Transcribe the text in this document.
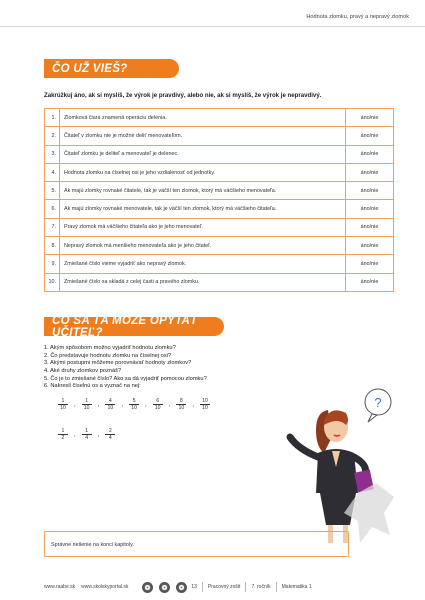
Hodnota zlomku, pravý a nepravý zlomok
ČO UŽ VIEŠ?
Zakrúžkuj áno, ak si myslíš, že výrok je pravdivý, alebo nie, ak si myslíš, že výrok je nepravdivý.
1.	Zlomková čiara znamená operáciu delenia.	áno/nie
2.	Čitateľ v zlomku nie je možné deliť menovateľom.	áno/nie
3.	Čitateľ zlomku je deliteľ a menovateľ je delenec.	áno/nie
4.	Hodnota zlomku na číselnej osi je jeho vzdialenosť od jednotky.	áno/nie
5.	Ak majú zlomky rovnaké čitatele, tak je väčší ten zlomok, ktorý má väčšieho menovateľa.	áno/nie
6.	Ak majú zlomky rovnaké menovatele, tak je väčší ten zlomok, ktorý má väčšieho čitateľa.	áno/nie
7.	Pravý zlomok má väčšieho čitateľa ako je jeho menovateľ.	áno/nie
8.	Nepravý zlomok má menšieho menovateľa ako je jeho čitateľ.	áno/nie
9.	Zmiešané číslo vieme vyjadriť ako nepravý zlomok.	áno/nie
10.	Zmiešané číslo sa skladá z celej časti a pravého zlomku.	áno/nie
ČO SA ŤA MÔŽE OPÝTAŤ UČITEĽ?
1. Akým spôsobom možno vyjadriť hodnotu zlomku?
2. Čo predstavuje hodnotu zlomku na číselnej osi?
3. Akými postupmi môžeme porovnávať hodnoty zlomkov?
4. Aké druhy zlomkov poznáš?
5. Čo je to zmiešané číslo? Ako sa dá vyjadriť pomocou zlomku?
6. Nakresli číselnú os a vyznač na nej:
1
10
,
1
10
,
4
10
,
5
10
,
6
10
,
8
10
,
10
10
1
2
,
1
4
,
2
4
?
Správne riešenie na konci kapitoly.
www.raabe.sk www.skolskyportal.sk	13 Pracovný zošit 7. ročník Matematika 1
